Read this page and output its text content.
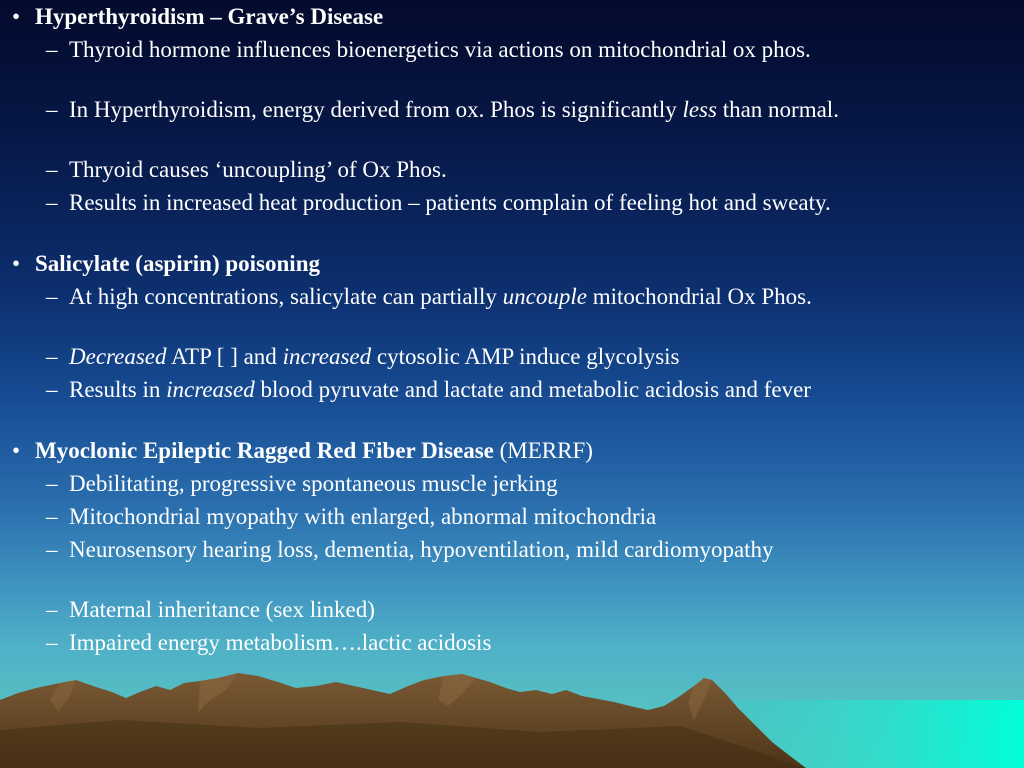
• Hyperthyroidism – Grave’s Disease
– Thyroid hormone influences bioenergetics via actions on mitochondrial ox phos.
– In Hyperthyroidism, energy derived from ox. Phos is significantly less than normal.
– Thryoid causes ‘uncoupling’ of Ox Phos.
– Results in increased heat production – patients complain of feeling hot and sweaty.
• Salicylate (aspirin) poisoning
– At high concentrations, salicylate can partially uncouple mitochondrial Ox Phos.
– Decreased ATP [ ] and increased cytosolic AMP induce glycolysis
– Results in increased blood pyruvate and lactate and metabolic acidosis and fever
• Myoclonic Epileptic Ragged Red Fiber Disease (MERRF)
– Debilitating, progressive spontaneous muscle jerking
– Mitochondrial myopathy with enlarged, abnormal mitochondria
– Neurosensory hearing loss, dementia, hypoventilation, mild cardiomyopathy
– Maternal inheritance (sex linked)
– Impaired energy metabolism….lactic acidosis
